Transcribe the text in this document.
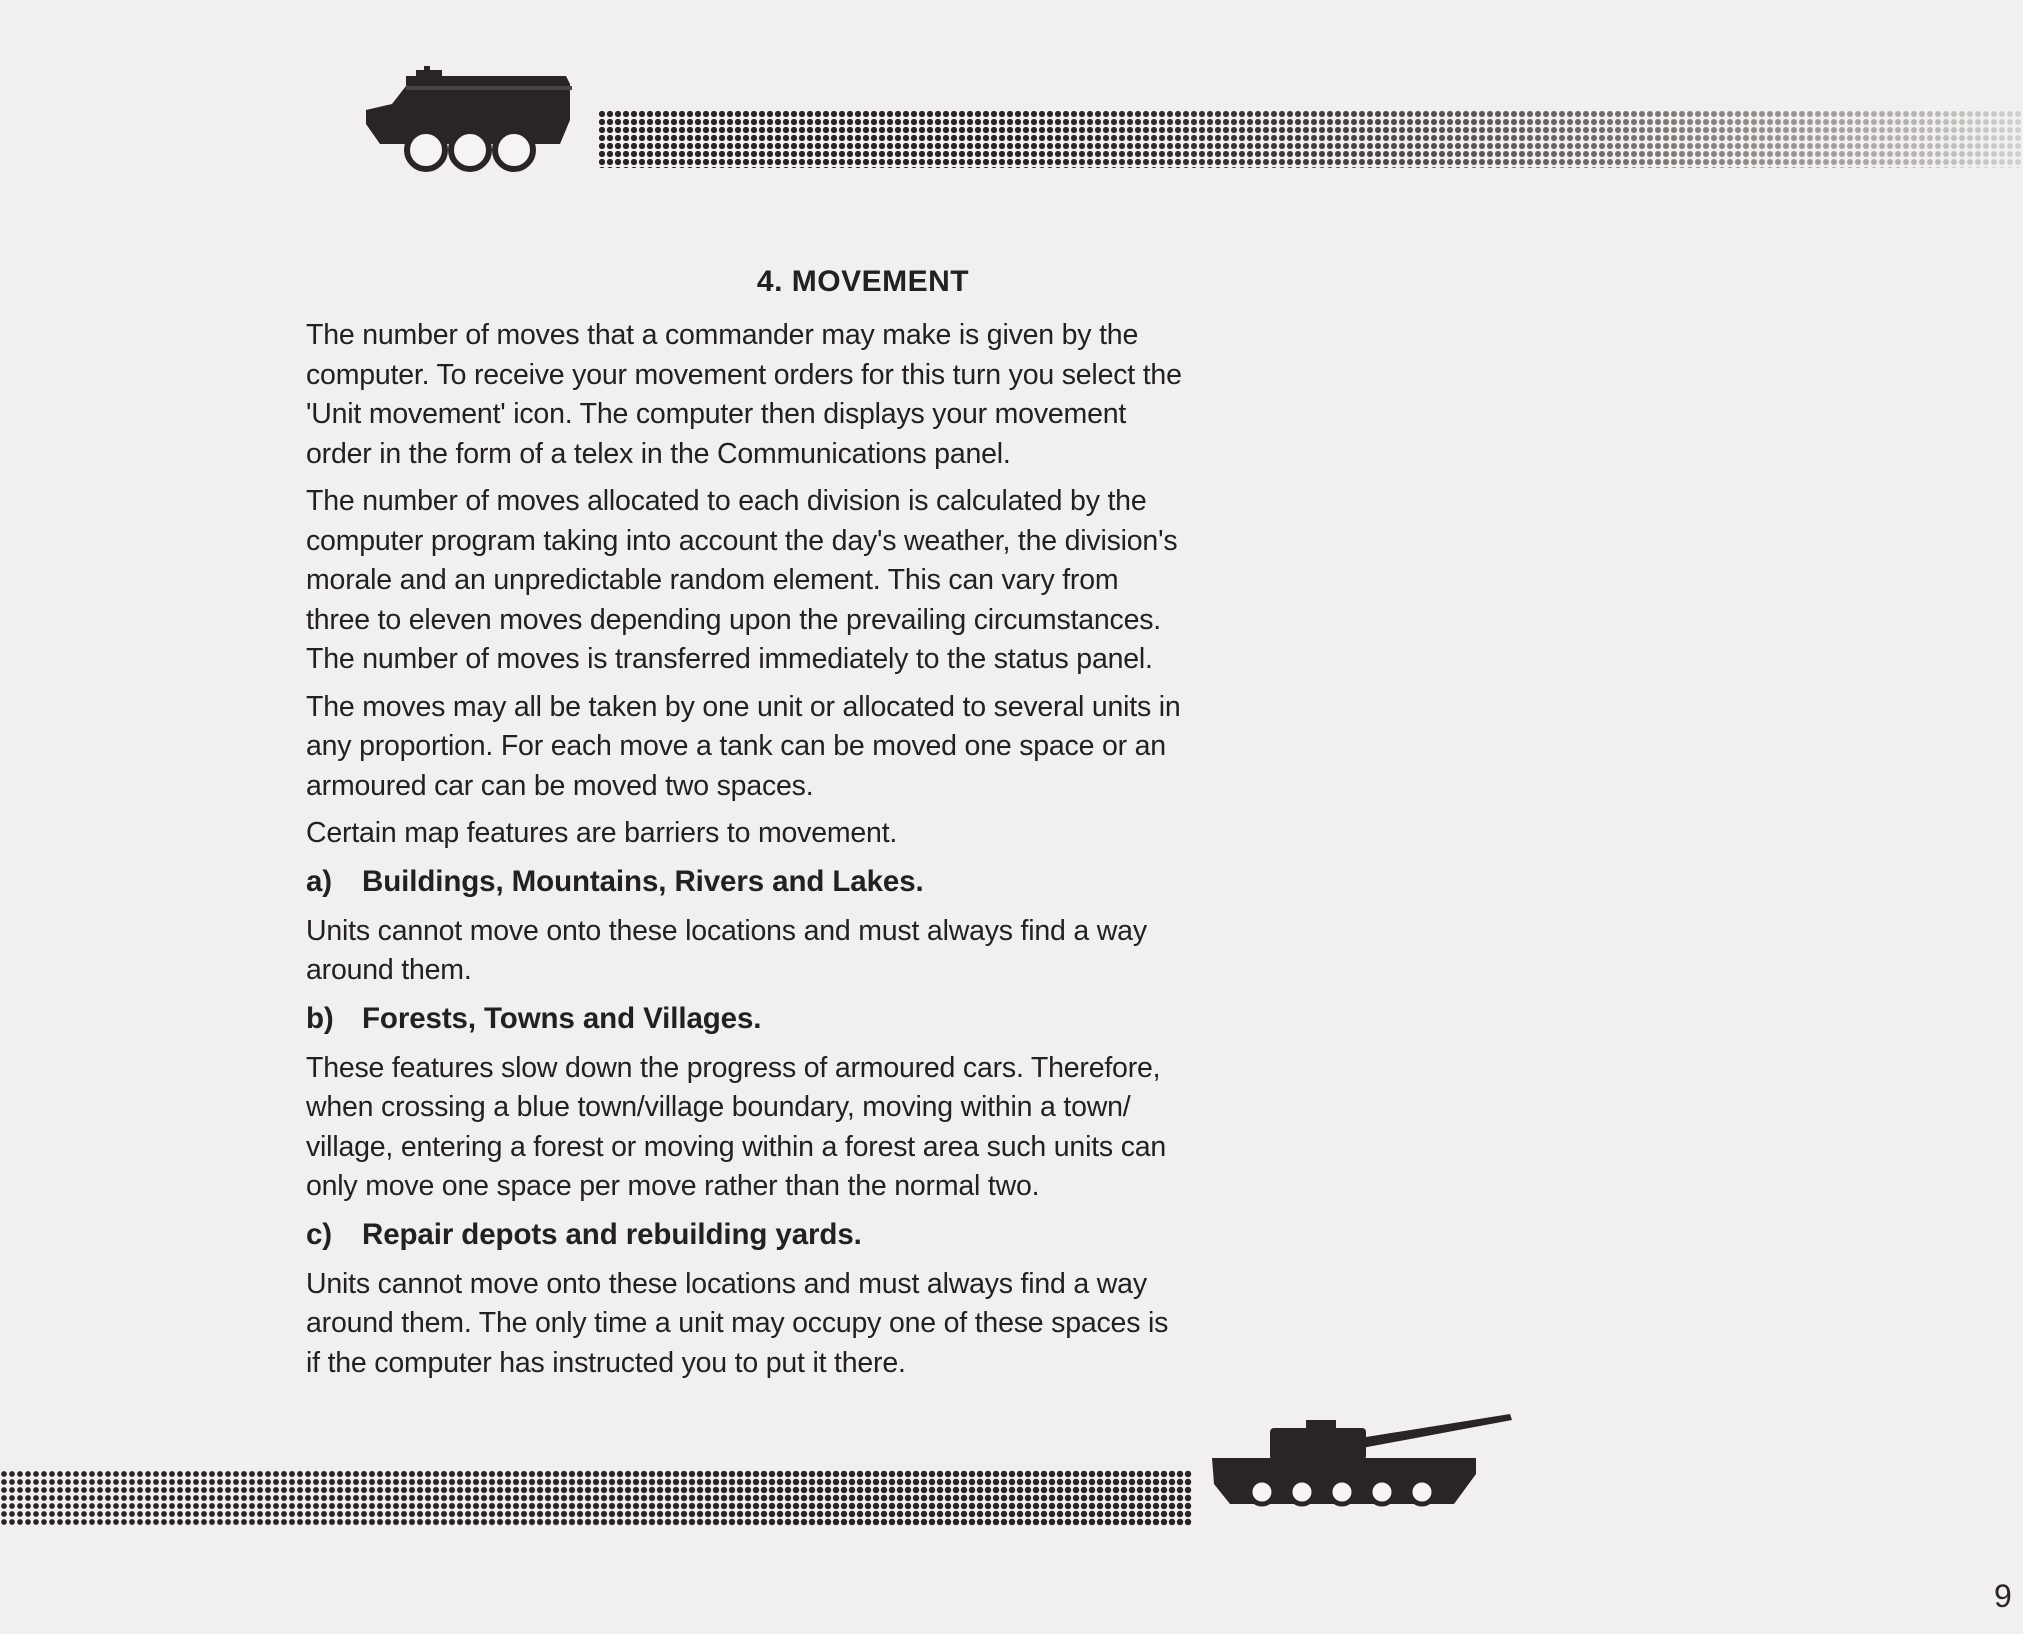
4. MOVEMENT
The number of moves that a commander may make is given by the
computer. To receive your movement orders for this turn you select the
'Unit movement' icon. The computer then displays your movement
order in the form of a telex in the Communications panel.
The number of moves allocated to each division is calculated by the
computer program taking into account the day's weather, the division's
morale and an unpredictable random element. This can vary from
three to eleven moves depending upon the prevailing circumstances.
The number of moves is transferred immediately to the status panel.
The moves may all be taken by one unit or allocated to several units in
any proportion. For each move a tank can be moved one space or an
armoured car can be moved two spaces.
Certain map features are barriers to movement.
a) Buildings, Mountains, Rivers and Lakes.
Units cannot move onto these locations and must always find a way
around them.
b) Forests, Towns and Villages.
These features slow down the progress of armoured cars. Therefore,
when crossing a blue town/village boundary, moving within a town/
village, entering a forest or moving within a forest area such units can
only move one space per move rather than the normal two.
c) Repair depots and rebuilding yards.
Units cannot move onto these locations and must always find a way
around them. The only time a unit may occupy one of these spaces is
if the computer has instructed you to put it there.
9
